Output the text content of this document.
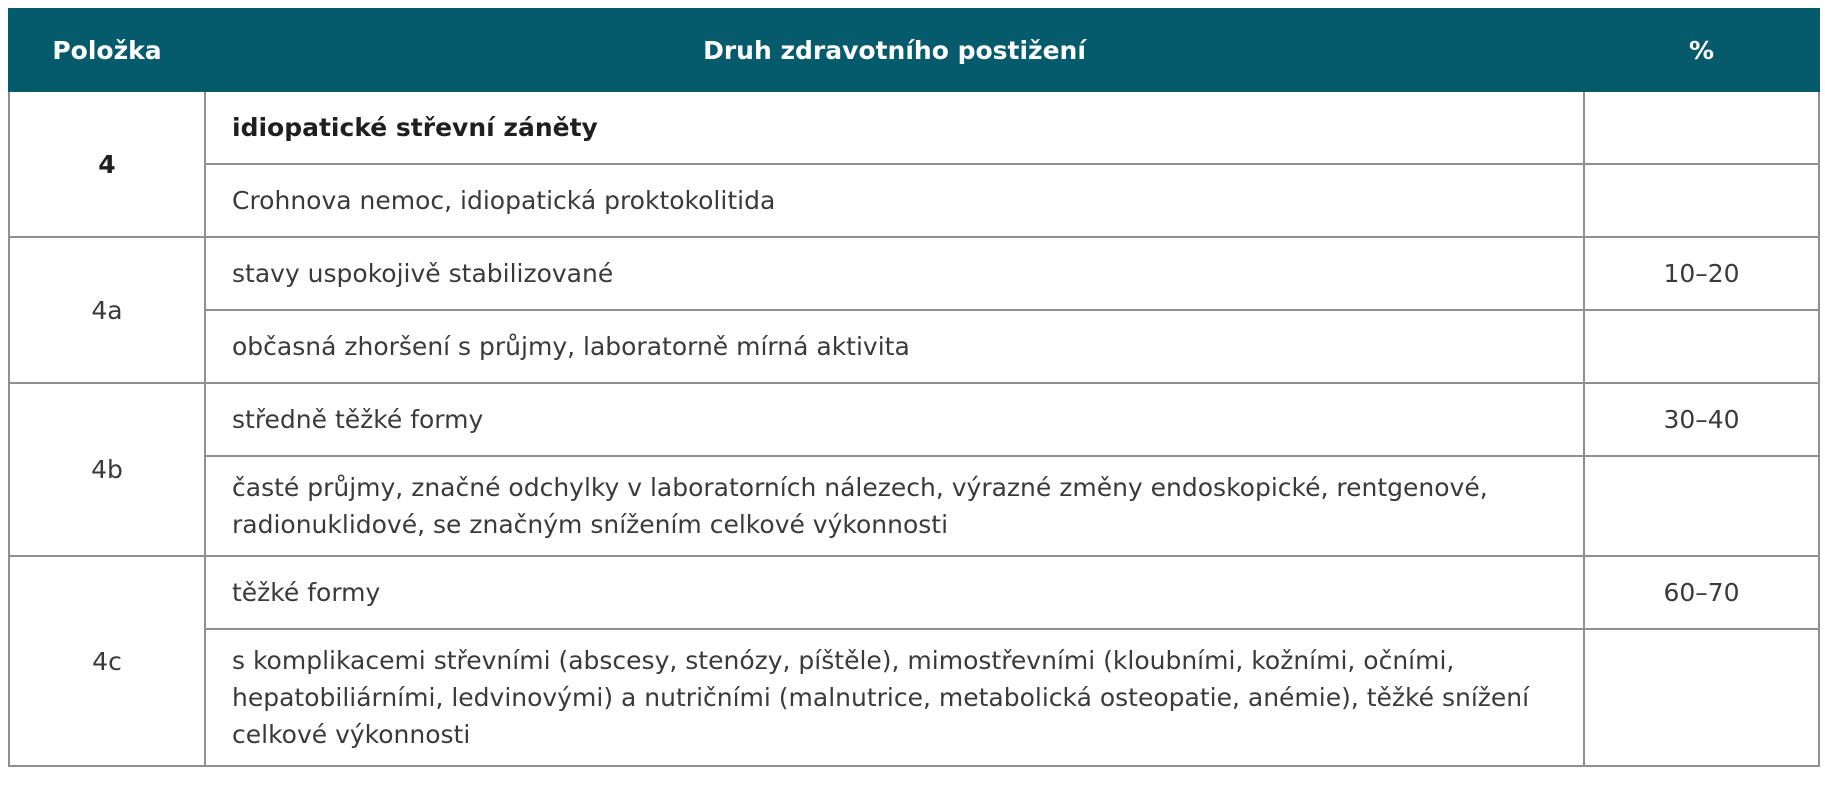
Položka	Druh zdravotního postižení	%
4	idiopatické střevní záněty	
	Crohnova nemoc, idiopatická proktokolitida	
4a	stavy uspokojivě stabilizované	10–20
	občasná zhoršení s průjmy, laboratorně mírná aktivita	
4b	středně těžké formy	30–40
	časté průjmy, značné odchylky v laboratorních nálezech, výrazné změny endoskopické, rentgenové, radionuklidové, se značným snížením celkové výkonnosti	
4c	těžké formy	60–70
	s komplikacemi střevními (abscesy, stenózy, píštěle), mimostřevními (kloubními, kožními, očními, hepatobiliárními, ledvinovými) a nutričními (malnutrice, metabolická osteopatie, anémie), těžké snížení celkové výkonnosti	
